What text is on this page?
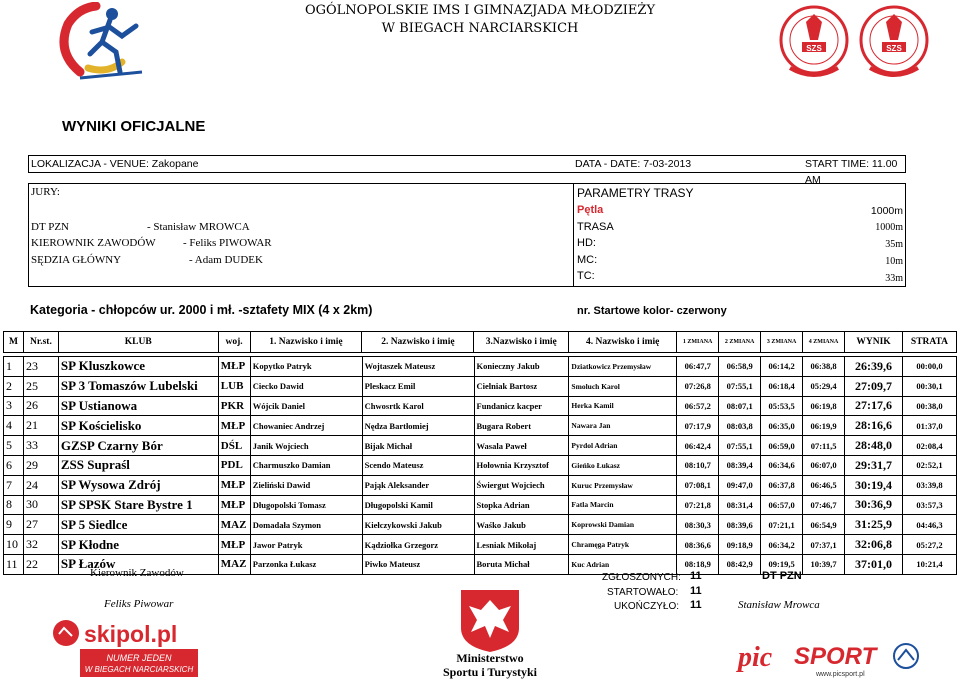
OGÓLNOPOLSKIE IMS I GIMNAZJADA MŁODZIEŻY
W BIEGACH NARCIARSKICH
SZS	SZS
WYNIKI OFICJALNE
LOKALIZACJA - VENUE: Zakopane	DATA - DATE: 7-03-2013	START TIME: 11.00 AM
JURY:
DT PZN	- Stanisław MROWCA
KIEROWNIK ZAWODÓW - Feliks PIWOWAR
SĘDZIA GŁÓWNY	- Adam DUDEK
PARAMETRY TRASY
Pętla	1000m
TRASA	1000m
HD:	35m
MC:	10m
TC:	33m
Kategoria - chłopców ur. 2000 i mł. -sztafety MIX (4 x 2km)	nr. Startowe kolor- czerwony
M	Nr.st.	KLUB	woj.	1. Nazwisko i imię	2. Nazwisko i imię	3.Nazwisko i imię	4. Nazwisko i imię	1 ZMIANA	2 ZMIANA	3 ZMIANA	4 ZMIANA	WYNIK	STRATA
1	23	SP Kluszkowce	MŁP	Kopytko Patryk	Wojtaszek Mateusz	Konieczny Jakub	Dziatkowicz Przemysław	06:47,7	06:58,9	06:14,2	06:38,8	26:39,6	00:00,0
2	25	SP 3 Tomaszów Lubelski	LUB	Ciecko Dawid	Pleskacz Emil	Cielniak Bartosz	Smoluch Karol	07:26,8	07:55,1	06:18,4	05:29,4	27:09,7	00:30,1
3	26	SP Ustianowa	PKR	Wójcik Daniel	Chwosrtk Karol	Fundanicz kacper	Herka Kamil	06:57,2	08:07,1	05:53,5	06:19,8	27:17,6	00:38,0
4	21	SP Kościelisko	MŁP	Chowaniec Andrzej	Nędza Bartłomiej	Bugara Robert	Nawara Jan	07:17,9	08:03,8	06:35,0	06:19,9	28:16,6	01:37,0
5	33	GZSP Czarny Bór	DŚL	Janik Wojciech	Bijak Michał	Wasala Paweł	Pyrdol Adrian	06:42,4	07:55,1	06:59,0	07:11,5	28:48,0	02:08,4
6	29	ZSS Supraśl	PDL	Charmuszko Damian	Scendo Mateusz	Hołownia Krzysztof	Gieńko Łukasz	08:10,7	08:39,4	06:34,6	06:07,0	29:31,7	02:52,1
7	24	SP Wysowa Zdrój	MŁP	Zieliński Dawid	Pająk Aleksander	Świergut Wojciech	Kuruc Przemysław	07:08,1	09:47,0	06:37,8	06:46,5	30:19,4	03:39,8
8	30	SP SPSK Stare Bystre 1	MŁP	Długopolski Tomasz	Długopolski Kamil	Stopka Adrian	Fatla Marcin	07:21,8	08:31,4	06:57,0	07:46,7	30:36,9	03:57,3
9	27	SP 5 Siedlce	MAZ	Domadała Szymon	Kiełczykowski Jakub	Waśko Jakub	Koprowski Damian	08:30,3	08:39,6	07:21,1	06:54,9	31:25,9	04:46,3
10	32	SP Kłodne	MŁP	Jawor Patryk	Kądziołka Grzegorz	Lesniak Mikołaj	Chramęga Patryk	08:36,6	09:18,9	06:34,2	07:37,1	32:06,8	05:27,2
11	22	SP Łazów	MAZ	Parzonka Łukasz	Piwko Mateusz	Boruta Michał	Kuc Adrian	08:18,9	08:42,9	09:19,5	10:39,7	37:01,0	10:21,4
Kierownik Zawodów
Feliks Piwowar
ZGŁOSZONYCH: 11
STARTOWAŁO: 11
UKOŃCZYŁO: 11
DT PZN
Stanisław Mrowca
skipol.pl
NUMER JEDEN
W BIEGACH NARCIARSKICH
Ministerstwo
Sportu i Turystyki	pic SPORT
www.picsport.pl
